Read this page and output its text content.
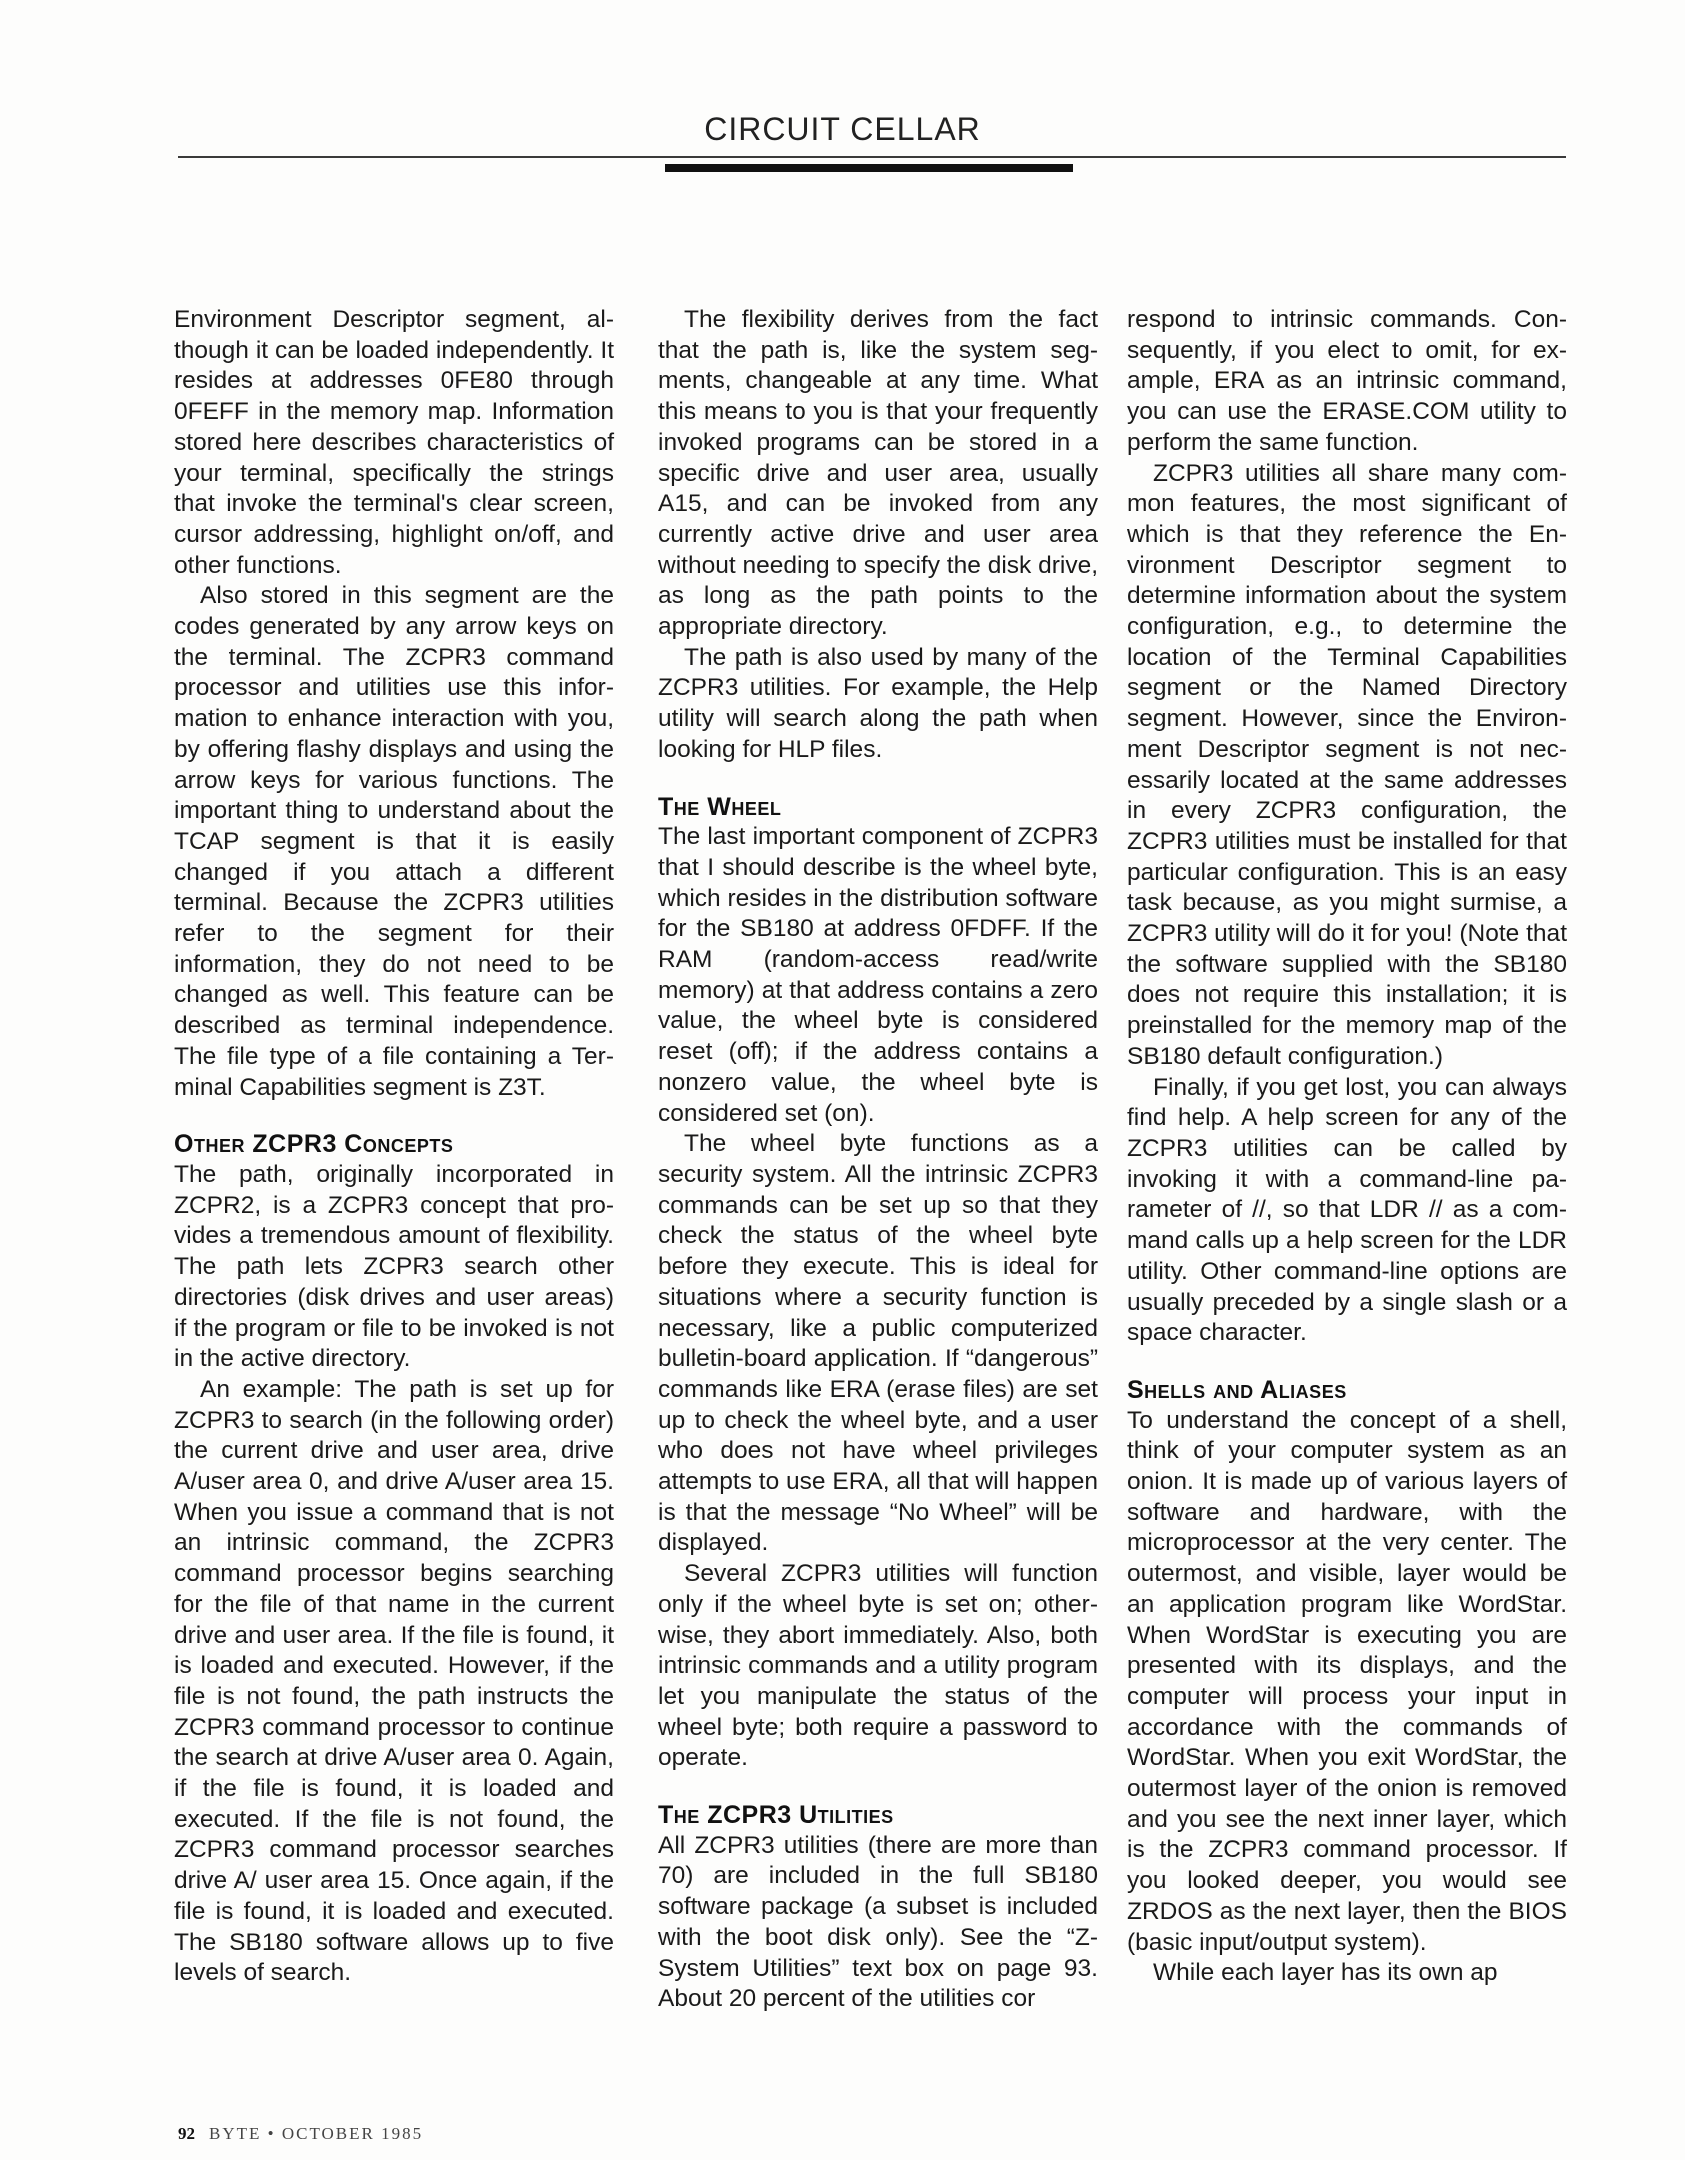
CIRCUIT CELLAR

Environment Descriptor segment, although it can be loaded independently. It resides at addresses 0FE80 through 0FEFF in the memory map. Information stored here describes characteristics of your terminal, specifically the strings that invoke the terminal's clear screen, cursor addressing, highlight on/off, and other functions.

Also stored in this segment are the codes generated by any arrow keys on the terminal. The ZCPR3 command processor and utilities use this information to enhance interaction with you, by offering flashy displays and using the arrow keys for various functions. The important thing to understand about the TCAP segment is that it is easily changed if you attach a different terminal. Because the ZCPR3 utilities refer to the segment for their information, they do not need to be changed as well. This feature can be described as terminal independence. The file type of a file containing a Terminal Capabilities segment is Z3T.

Other ZCPR3 Concepts

The path, originally incorporated in ZCPR2, is a ZCPR3 concept that provides a tremendous amount of flexibility. The path lets ZCPR3 search other directories (disk drives and user areas) if the program or file to be invoked is not in the active directory.

An example: The path is set up for ZCPR3 to search (in the following order) the current drive and user area, drive A/user area 0, and drive A/user area 15. When you issue a command that is not an intrinsic command, the ZCPR3 command processor begins searching for the file of that name in the current drive and user area. If the file is found, it is loaded and executed. However, if the file is not found, the path instructs the ZCPR3 command processor to continue the search at drive A/user area 0. Again, if the file is found, it is loaded and executed. If the file is not found, the ZCPR3 command processor searches drive A/ user area 15. Once again, if the file is found, it is loaded and executed. The SB180 software allows up to five levels of search.

The flexibility derives from the fact that the path is, like the system segments, changeable at any time. What this means to you is that your frequently invoked programs can be stored in a specific drive and user area, usually A15, and can be invoked from any currently active drive and user area without needing to specify the disk drive, as long as the path points to the appropriate directory.

The path is also used by many of the ZCPR3 utilities. For example, the Help utility will search along the path when looking for HLP files.

The Wheel

The last important component of ZCPR3 that I should describe is the wheel byte, which resides in the distribution software for the SB180 at address 0FDFF. If the RAM (random-access read/write memory) at that address contains a zero value, the wheel byte is considered reset (off); if the address contains a nonzero value, the wheel byte is considered set (on).

The wheel byte functions as a security system. All the intrinsic ZCPR3 commands can be set up so that they check the status of the wheel byte before they execute. This is ideal for situations where a security function is necessary, like a public computerized bulletin-board application. If “dangerous” commands like ERA (erase files) are set up to check the wheel byte, and a user who does not have wheel privileges attempts to use ERA, all that will happen is that the message “No Wheel” will be displayed.

Several ZCPR3 utilities will function only if the wheel byte is set on; otherwise, they abort immediately. Also, both intrinsic commands and a utility program let you manipulate the status of the wheel byte; both require a password to operate.

The ZCPR3 Utilities

All ZCPR3 utilities (there are more than 70) are included in the full SB180 software package (a subset is included with the boot disk only). See the “Z-System Utilities” text box on page 93. About 20 percent of the utilities cor

respond to intrinsic commands. Consequently, if you elect to omit, for example, ERA as an intrinsic command, you can use the ERASE.COM utility to perform the same function.

ZCPR3 utilities all share many common features, the most significant of which is that they reference the Environment Descriptor segment to determine information about the system configuration, e.g., to determine the location of the Terminal Capabilities segment or the Named Directory segment. However, since the Environment Descriptor segment is not necessarily located at the same addresses in every ZCPR3 configuration, the ZCPR3 utilities must be installed for that particular configuration. This is an easy task because, as you might surmise, a ZCPR3 utility will do it for you! (Note that the software supplied with the SB180 does not require this installation; it is preinstalled for the memory map of the SB180 default configuration.)

Finally, if you get lost, you can always find help. A help screen for any of the ZCPR3 utilities can be called by invoking it with a command-line parameter of //, so that LDR // as a command calls up a help screen for the LDR utility. Other command-line options are usually preceded by a single slash or a space character.

Shells and Aliases

To understand the concept of a shell, think of your computer system as an onion. It is made up of various layers of software and hardware, with the microprocessor at the very center. The outermost, and visible, layer would be an application program like WordStar. When WordStar is executing you are presented with its displays, and the computer will process your input in accordance with the commands of WordStar. When you exit WordStar, the outermost layer of the onion is removed and you see the next inner layer, which is the ZCPR3 command processor. If you looked deeper, you would see ZRDOS as the next layer, then the BIOS (basic input/output system).

While each layer has its own ap

92 BYTE • OCTOBER 1985
